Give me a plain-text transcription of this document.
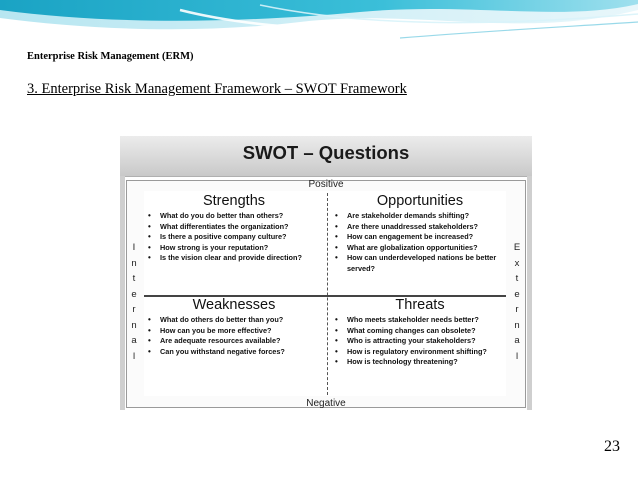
Enterprise Risk Management (ERM)
3. Enterprise Risk Management Framework – SWOT Framework
SWOT – Questions
Positive
Negative
I
n
t
e
r
n
a
l
E
x
t
e
r
n
a
l
Strengths
• What do you do better than others?
• What differentiates the organization?
• Is there a positive company culture?
• How strong is your reputation?
• Is the vision clear and provide direction?
Opportunities
• Are stakeholder demands shifting?
• Are there unaddressed stakeholders?
• How can engagement be increased?
• What are globalization opportunities?
• How can underdeveloped nations be better served?
Weaknesses
• What do others do better than you?
• How can you be more effective?
• Are adequate resources available?
• Can you withstand negative forces?
Threats
• Who meets stakeholder needs better?
• What coming changes can obsolete?
• Who is attracting your stakeholders?
• How is regulatory environment shifting?
• How is technology threatening?
23
